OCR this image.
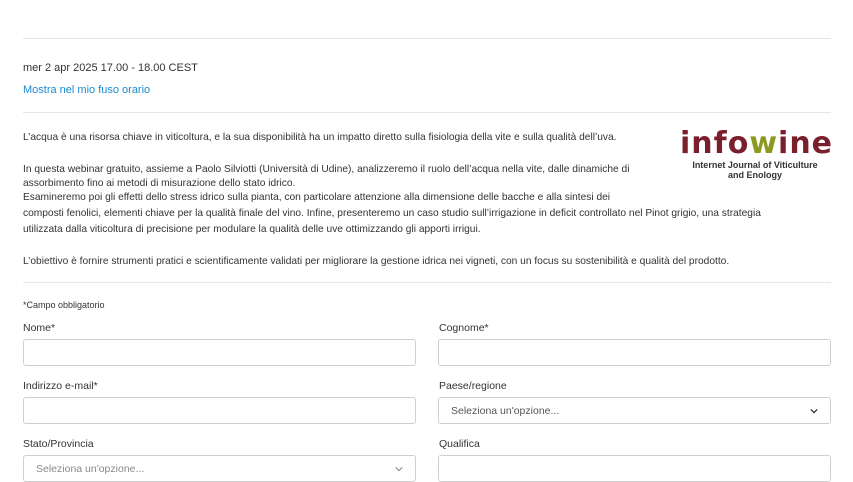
mer 2 apr 2025 17.00 - 18.00 CEST
Mostra nel mio fuso orario
L’acqua è una risorsa chiave in viticoltura, e la sua disponibilità ha un impatto diretto sulla fisiologia della vite e sulla qualità dell’uva.
In questa webinar gratuito, assieme a Paolo Silviotti (Università di Udine), analizzeremo il ruolo dell’acqua nella vite, dalle dinamiche di
assorbimento fino ai metodi di misurazione dello stato idrico.
Esamineremo poi gli effetti dello stress idrico sulla pianta, con particolare attenzione alla dimensione delle bacche e alla sintesi dei
composti fenolici, elementi chiave per la qualità finale del vino. Infine, presenteremo un caso studio sull’irrigazione in deficit controllato nel Pinot grigio, una strategia
utilizzata dalla viticoltura di precisione per modulare la qualità delle uve ottimizzando gli apporti irrigui.
L’obiettivo è fornire strumenti pratici e scientificamente validati per migliorare la gestione idrica nei vigneti, con un focus su sostenibilità e qualità del prodotto.
infowine
Internet Journal of Viticulture
and Enology
*Campo obbligatorio
Nome*	Cognome*
Indirizzo e-mail*	Paese/regione
Seleziona un'opzione...
Stato/Provincia
Seleziona un'opzione...
Qualifica
